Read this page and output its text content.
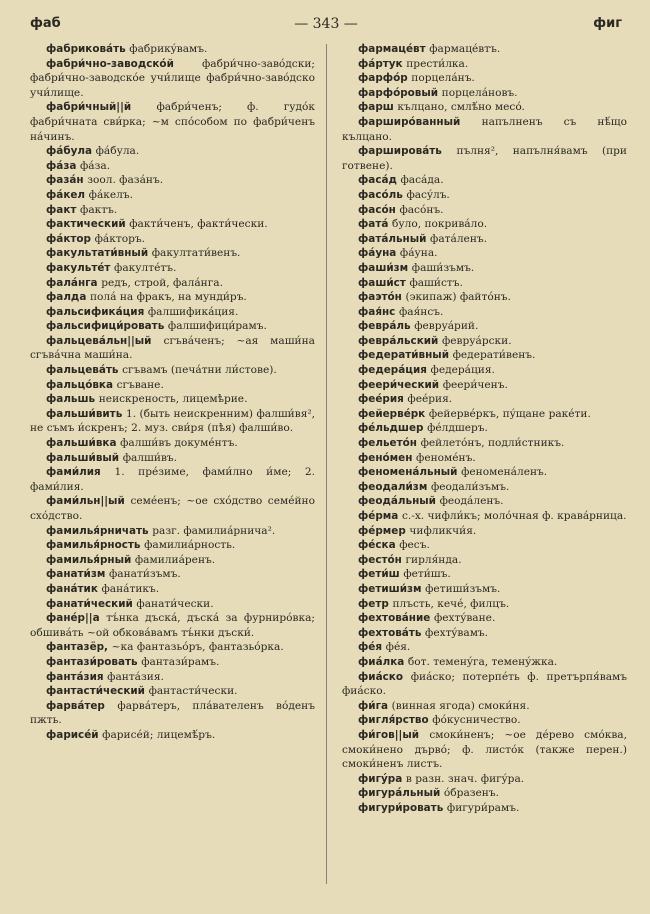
фаб	— 343 —	фиг

фабриковáть фабрикýвамъ.

фабри́чно-заводскóй	фабри́чно-заво́дски; фабри́чно-заводскóе учи́лище фабри́чно-заво́дско учи́лище.

фабри́чный||й фабри́ченъ; ф. гудóк фабри́чната сви́рка; ~м спóсобом по фабри́ченъ на́чинъ.

фáбула фáбула.

фáза фáза.

фазáн зоол. фазáнъ.

фáкел фáкелъ.

факт фактъ.

фактический факти́ченъ, факти́чески.

фáктор фáкторъ.

факультати́вный факултати́венъ.

факультéт факултéтъ.

фалáнга редъ, строй, фалáнга.

фалда полá на фракъ, на мунди́ръ.

фальсифика́ция фалшифика́ция.

фальсифици́ровать фалшифици́рамъ.

фальцевáльн||ый сгъвáченъ; ~ая маши́на сгъвáчна маши́на.

фальцевáть сгъвамъ (печáтни ли́стове).

фальцóвка сгъване.

фальшь неискреность, лицемѣрие.

фальши́вить 1. (быть неискренним) фалши́вя², не съмъ и́скренъ; 2. муз. сви́ря (пѣя) фалши́во.

фальши́вка фалши́въ докумéнтъ.

фальши́вый фалши́въ.

фами́лия 1. прéзиме, фами́лно и́ме; 2. фами́лия.

фами́льн||ый семéенъ; ~ое схóдство семéйно схóдство.

фамилья́рничать разг. фамилиáрнича².

фамилья́рность фамилиáрность.

фамилья́рный фамилиáренъ.

фанати́зм фанати́зъмъ.

фанáтик фанáтикъ.

фанати́ческий фанати́чески.

фанéр||а тъ́нка дъскá, дъскá за фурниро́вка; обшивáть ~ой обковáвамъ тъ́нки дъски́.

фантазёр, ~ка фантазьóръ, фантазьóрка.

фантази́ровать фантази́рамъ.

фантáзия фантáзия.

фантасти́ческий фантасти́чески.

фарвáтер фарвáтеръ, плáвателенъ вóденъ пжть.

фарисéй фарисéй; лицемѣ́ръ.

фармацéвт фармацéвтъ.

фáртук прести́лка.

фарфóр порцелáнъ.

фарфóровый порцелáновъ.

фарш кълцано, смлѣ́но месó.

фарширóванный напълненъ съ нѣ́що кълцано.

фаршировáть пълня², напълня́вамъ (при готвене).

фасáд фасáда.

фасóль фасýлъ.

фасóн фасóнъ.

фатá було, покривáло.

фатáльный фатáленъ.

фáуна фáуна.

фаши́зм фаши́зъмъ.

фаши́ст фаши́стъ.

фаэтóн (экипаж) файтóнъ.

фая́нс фая́нсъ.

феврáль февруáрий.

феврáльский февруáрски.

федерати́вный федерати́венъ.

федерáция федерáция.

феери́ческий феери́ченъ.

феéрия феéрия.

фейервéрк фейервéркъ, пýщане ракéти.

фéльдшер фéлдшеръ.

фельетóн фейлетóнъ, подли́стникъ.

фенóмен феномéнъ.

феноменáльный феноменáленъ.

феодали́зм феодали́зъмъ.

феодáльный феодáленъ.

фéрма с.-х. чифли́къ; молóчная ф. кравáрница.

фéрмер чифликчи́я.

фéска фесъ.

фестóн гирля́нда.

фети́ш фети́шъ.

фетиши́зм фетиши́зъмъ.

фетр плъсть, кечé, филцъ.

фехтовáние фехтýване.

фехтовáть фехтýвамъ.

фéя фéя.

фиáлка бот. теменýга, теменýжка.

фиáско фиáско; потерпéть ф. претърпя́вамъ фиáско.

фи́га (винная ягода) смоки́ня.

фигля́рство фóкусничество.

фи́гов||ый смоки́ненъ; ~ое дéрево смóква, смоки́нено дървó; ф. листóк (также перен.) смоки́ненъ листъ.

фигýра в разн. знач. фигýра.

фигурáльный óбразенъ.

фигури́ровать фигури́рамъ.
